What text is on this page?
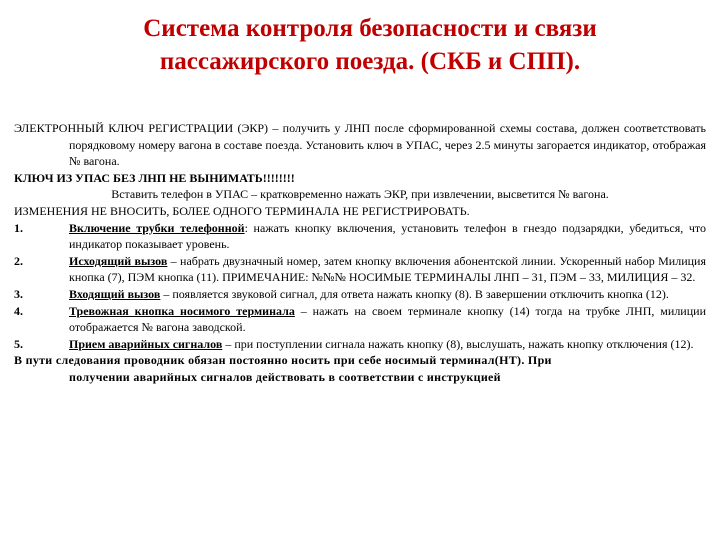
Система контроля безопасности и связи пассажирского поезда. (СКБ и СПП).

ЭЛЕКТРОННЫЙ КЛЮЧ РЕГИСТРАЦИИ (ЭКР) – получить у ЛНП после сформированной схемы состава, должен соответствовать порядковому номеру вагона в составе поезда. Установить ключ в УПАС, через 2.5 минуты загорается индикатор, отображая № вагона.

КЛЮЧ ИЗ УПАС БЕЗ ЛНП НЕ ВЫНИМАТЬ!!!!!!!!

Вставить телефон в УПАС – кратковременно нажать ЭКР, при извлечении, высветится № вагона.

ИЗМЕНЕНИЯ НЕ ВНОСИТЬ, БОЛЕЕ ОДНОГО ТЕРМИНАЛА НЕ РЕГИСТРИРОВАТЬ.

1.	Включение трубки телефонной: нажать кнопку включения, установить телефон в гнездо подзарядки, убедиться, что индикатор показывает уровень.
2.	Исходящий вызов – набрать двузначный номер, затем кнопку включения абонентской линии. Ускоренный набор Милиция кнопка (7), ПЭМ кнопка (11). ПРИМЕЧАНИЕ: №№№ НОСИМЫЕ ТЕРМИНАЛЫ ЛНП – 31, ПЭМ – 33, МИЛИЦИЯ – 32.
3.	Входящий вызов – появляется звуковой сигнал, для ответа нажать кнопку (8). В завершении отключить кнопка (12).
4.	Тревожная кнопка носимого терминала – нажать на своем терминале кнопку (14) тогда на трубке ЛНП, милиции отображается № вагона заводской.
5.	Прием аварийных сигналов – при поступлении сигнала нажать кнопку (8), выслушать, нажать кнопку отключения (12).

В пути следования проводник обязан постоянно носить при себе носимый терминал(НТ). При
получении аварийных сигналов действовать в соответствии с инструкцией
